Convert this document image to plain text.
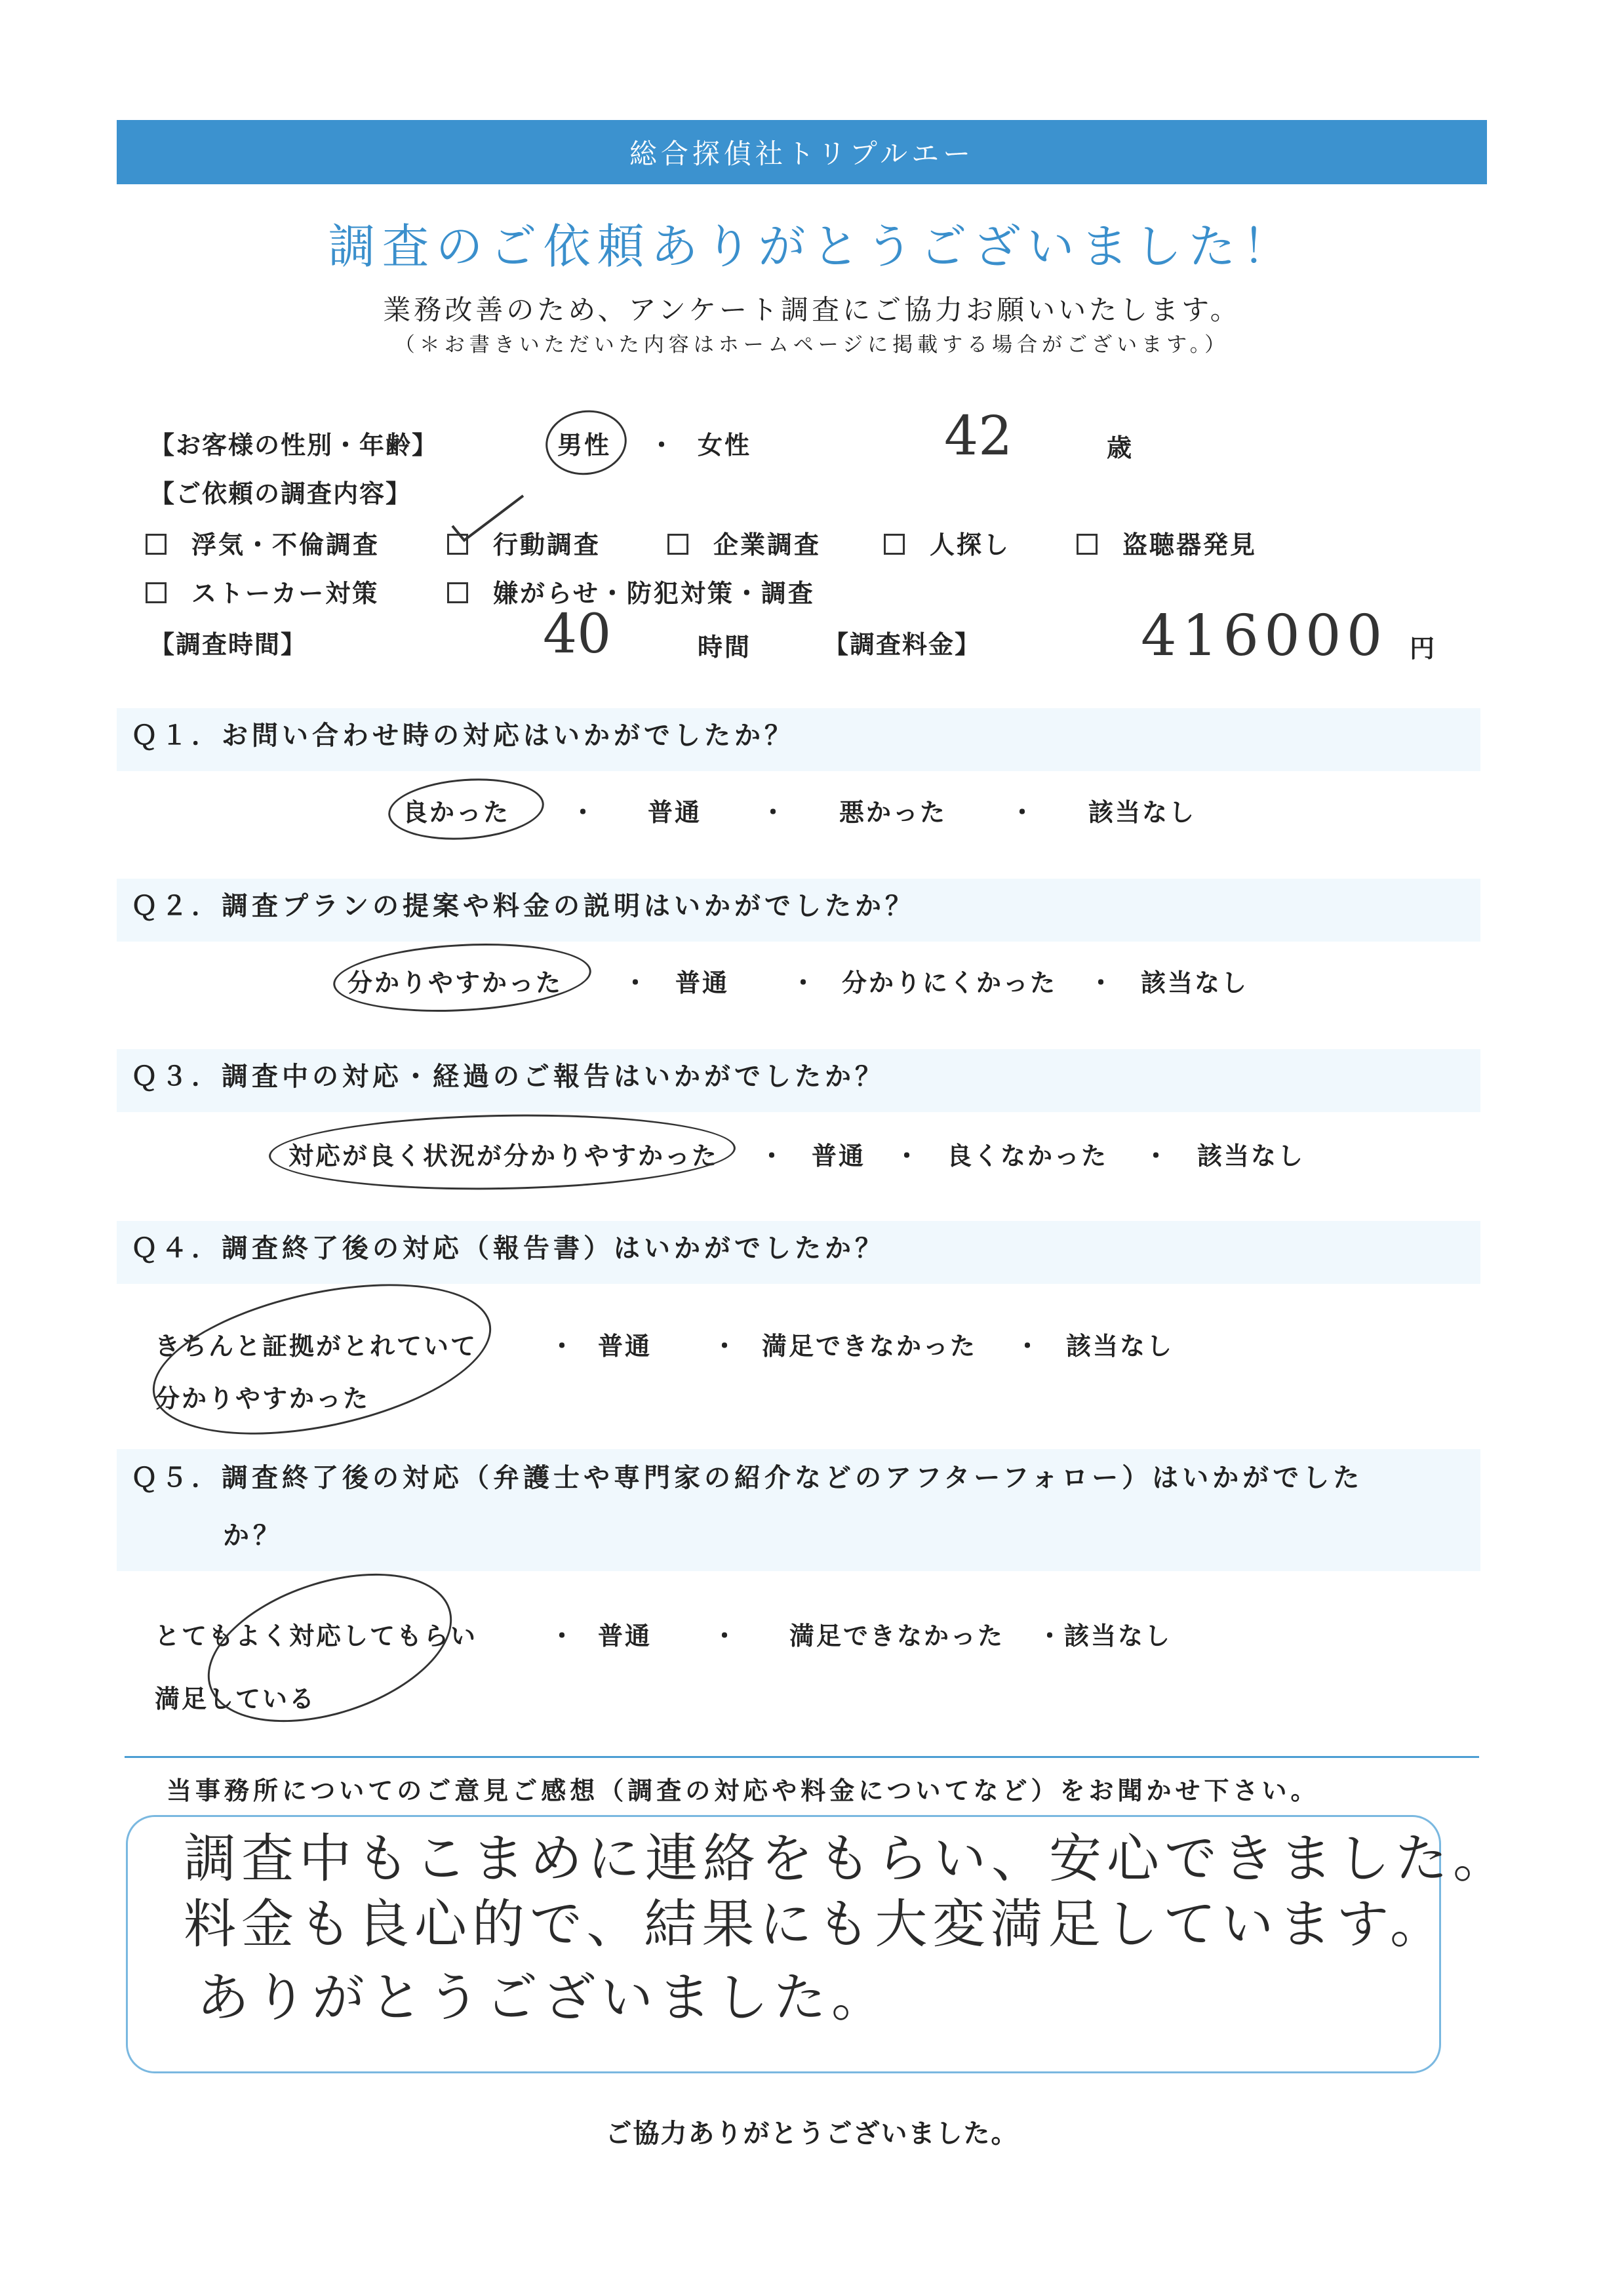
総合探偵社トリプルエー
調査のご依頼ありがとうございました！
業務改善のため、アンケート調査にご協力お願いいたします。
（＊お書きいただいた内容はホームページに掲載する場合がございます。）
【お客様の性別・年齢】	男性 ・ 女性	42	歳
【ご依頼の調査内容】
浮気・不倫調査	行動調査	企業調査	人探し	盗聴器発見
ストーカー対策	嫌がらせ・防犯対策・調査
【調査時間】	40	時間	【調査料金】	416000 円
Ｑ１．お問い合わせ時の対応はいかがでしたか？
良かった ・ 普通 ・ 悪かった	・ 該当なし
Ｑ２．調査プランの提案や料金の説明はいかがでしたか？
分かりやすかった ・ 普通 ・ 分かりにくかった ・ 該当なし
Ｑ３．調査中の対応・経過のご報告はいかがでしたか？
対応が良く状況が分かりやすかった ・ 普通 ・ 良くなかった ・ 該当なし
Ｑ４．調査終了後の対応（報告書）はいかがでしたか？
きちんと証拠がとれていて
分かりやすかった
・ 普通 ・ 満足できなかった ・ 該当なし
Ｑ５．調査終了後の対応（弁護士や専門家の紹介などのアフターフォロー）はいかがでした
か？
とてもよく対応してもらい
満足している
・ 普通 ・ 満足できなかった ・該当なし
当事務所についてのご意見ご感想（調査の対応や料金についてなど）をお聞かせ下さい。
調査中もこまめに連絡をもらい、安心できました。
料金も良心的で、結果にも大変満足しています。
ありがとうございました。
ご協力ありがとうございました。
